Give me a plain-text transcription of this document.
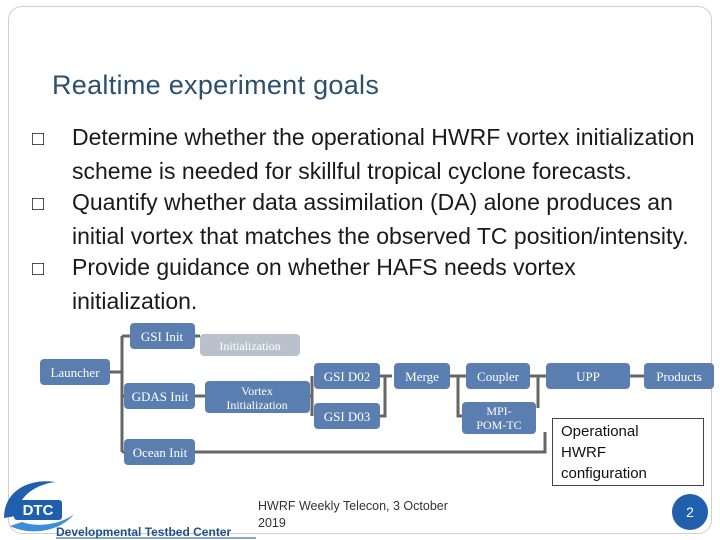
Realtime experiment goals
Launcher
GSI Init
Initialization
GDAS Init	Vortex
Initialization
Ocean Init
GSI D02
GSI D03
Merge	Coupler
MPI-
POM-TC
UPP	Products
□ Determine whether the operational HWRF vortex initialization scheme is needed for skillful tropical cyclone forecasts.
□ Quantify whether data assimilation (DA) alone produces an initial vortex that matches the observed TC position/intensity.
□ Provide guidance on whether HAFS needs vortex initialization.
Operational
HWRF
configuration
DTC
Developmental Testbed Center
HWRF Weekly Telecon, 3 October
2019
2
